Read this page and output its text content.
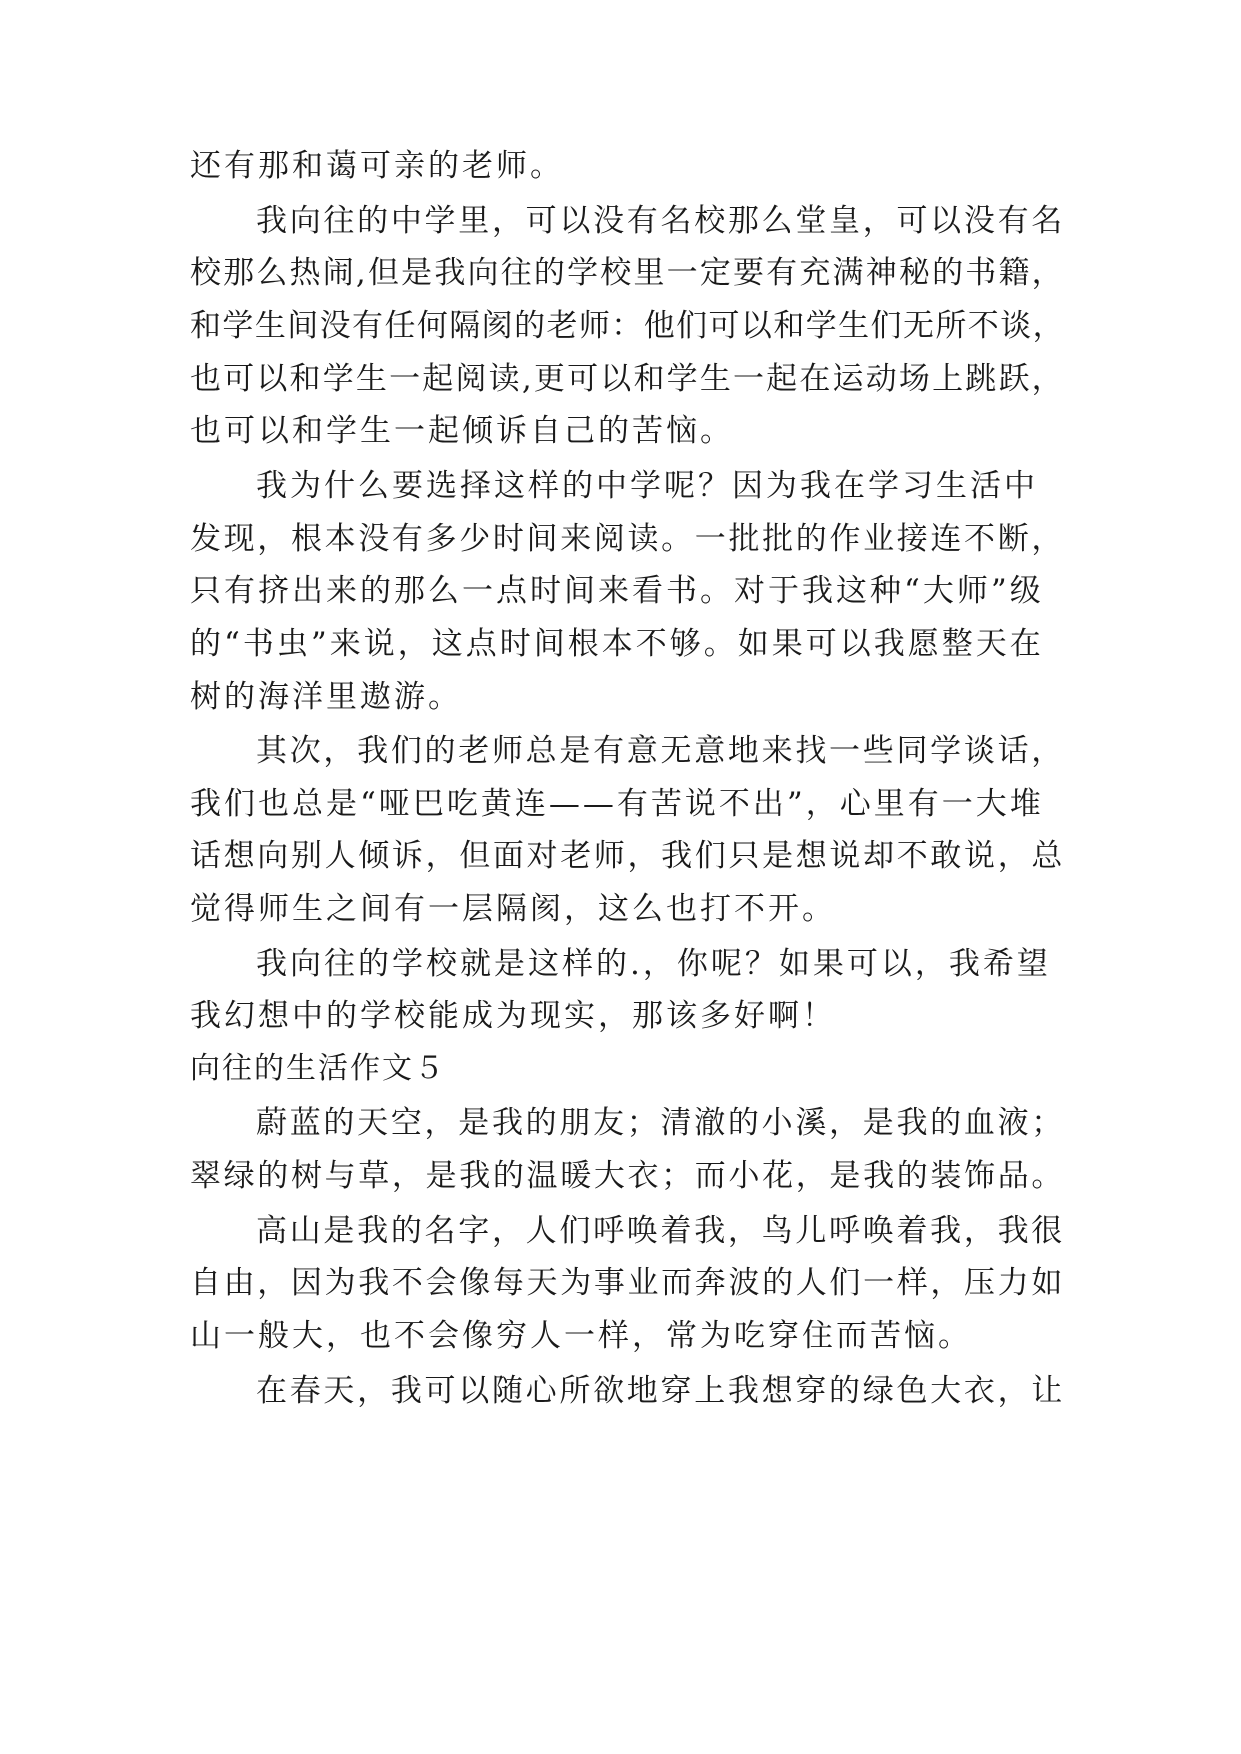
还有那和蔼可亲的老师。
我向往的中学里，可以没有名校那么堂皇，可以没有名
校那么热闹,但是我向往的学校里一定要有充满神秘的书籍，
和学生间没有任何隔阂的老师：他们可以和学生们无所不谈，
也可以和学生一起阅读,更可以和学生一起在运动场上跳跃，
也可以和学生一起倾诉自己的苦恼。
我为什么要选择这样的中学呢？因为我在学习生活中
发现，根本没有多少时间来阅读。一批批的作业接连不断，
只有挤出来的那么一点时间来看书。对于我这种“大师”级
的“书虫”来说，这点时间根本不够。如果可以我愿整天在
树的海洋里遨游。
其次，我们的老师总是有意无意地来找一些同学谈话，
我们也总是“哑巴吃黄连——有苦说不出”，心里有一大堆
话想向别人倾诉，但面对老师，我们只是想说却不敢说，总
觉得师生之间有一层隔阂，这么也打不开。
我向往的学校就是这样的.，你呢？如果可以，我希望
我幻想中的学校能成为现实，那该多好啊！
向往的生活作文５
蔚蓝的天空，是我的朋友；清澈的小溪，是我的血液；
翠绿的树与草，是我的温暖大衣；而小花，是我的装饰品。
高山是我的名字，人们呼唤着我，鸟儿呼唤着我，我很
自由，因为我不会像每天为事业而奔波的人们一样，压力如
山一般大，也不会像穷人一样，常为吃穿住而苦恼。
在春天，我可以随心所欲地穿上我想穿的绿色大衣，让
